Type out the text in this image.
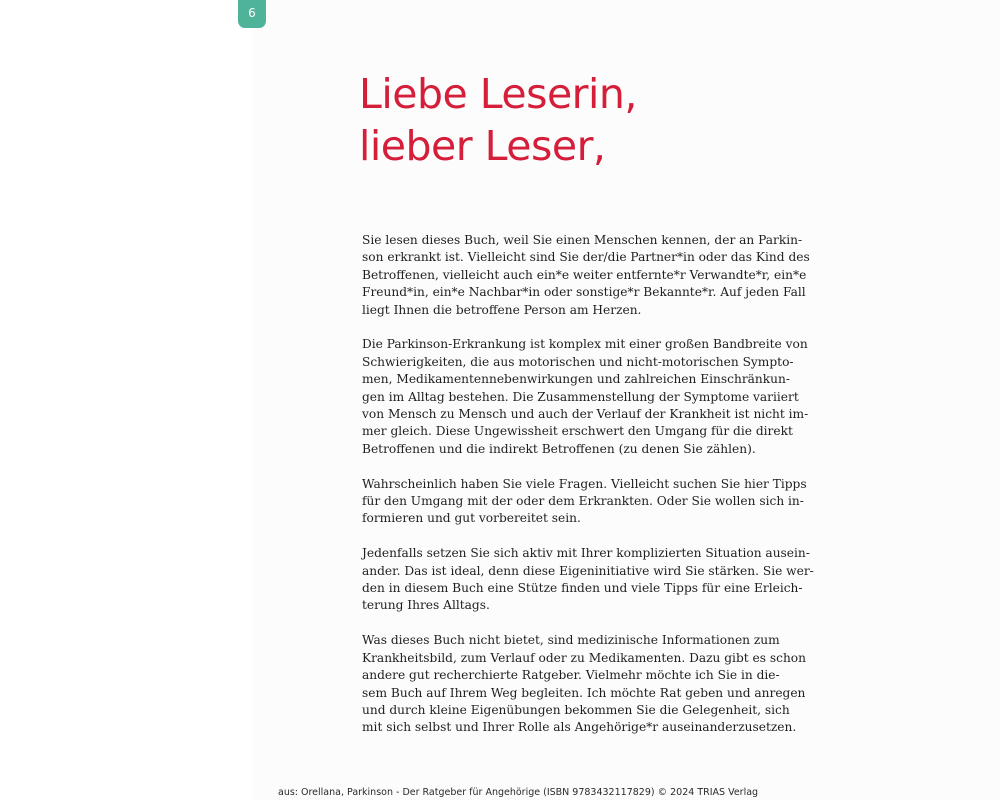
6
Liebe Leserin,
lieber Leser,

Sie lesen dieses Buch, weil Sie einen Menschen kennen, der an Parkin-
son erkrankt ist. Vielleicht sind Sie der/die Partner*in oder das Kind des
Betroffenen, vielleicht auch ein*e weiter entfernte*r Verwandte*r, ein*e
Freund*in, ein*e Nachbar*in oder sonstige*r Bekannte*r. Auf jeden Fall
liegt Ihnen die betroffene Person am Herzen.

Die Parkinson-Erkrankung ist komplex mit einer großen Bandbreite von
Schwierigkeiten, die aus motorischen und nicht-motorischen Sympto-
men, Medikamentennebenwirkungen und zahlreichen Einschränkun-
gen im Alltag bestehen. Die Zusammenstellung der Symptome variiert
von Mensch zu Mensch und auch der Verlauf der Krankheit ist nicht im-
mer gleich. Diese Ungewissheit erschwert den Umgang für die direkt
Betroffenen und die indirekt Betroffenen (zu denen Sie zählen).

Wahrscheinlich haben Sie viele Fragen. Vielleicht suchen Sie hier Tipps
für den Umgang mit der oder dem Erkrankten. Oder Sie wollen sich in-
formieren und gut vorbereitet sein.

Jedenfalls setzen Sie sich aktiv mit Ihrer komplizierten Situation ausein-
ander. Das ist ideal, denn diese Eigeninitiative wird Sie stärken. Sie wer-
den in diesem Buch eine Stütze finden und viele Tipps für eine Erleich-
terung Ihres Alltags.

Was dieses Buch nicht bietet, sind medizinische Informationen zum
Krankheitsbild, zum Verlauf oder zu Medikamenten. Dazu gibt es schon
andere gut recherchierte Ratgeber. Vielmehr möchte ich Sie in die-
sem Buch auf Ihrem Weg begleiten. Ich möchte Rat geben und anregen
und durch kleine Eigenübungen bekommen Sie die Gelegenheit, sich
mit sich selbst und Ihrer Rolle als Angehörige*r auseinanderzusetzen.

aus: Orellana, Parkinson - Der Ratgeber für Angehörige (ISBN 9783432117829) © 2024 TRIAS Verlag
